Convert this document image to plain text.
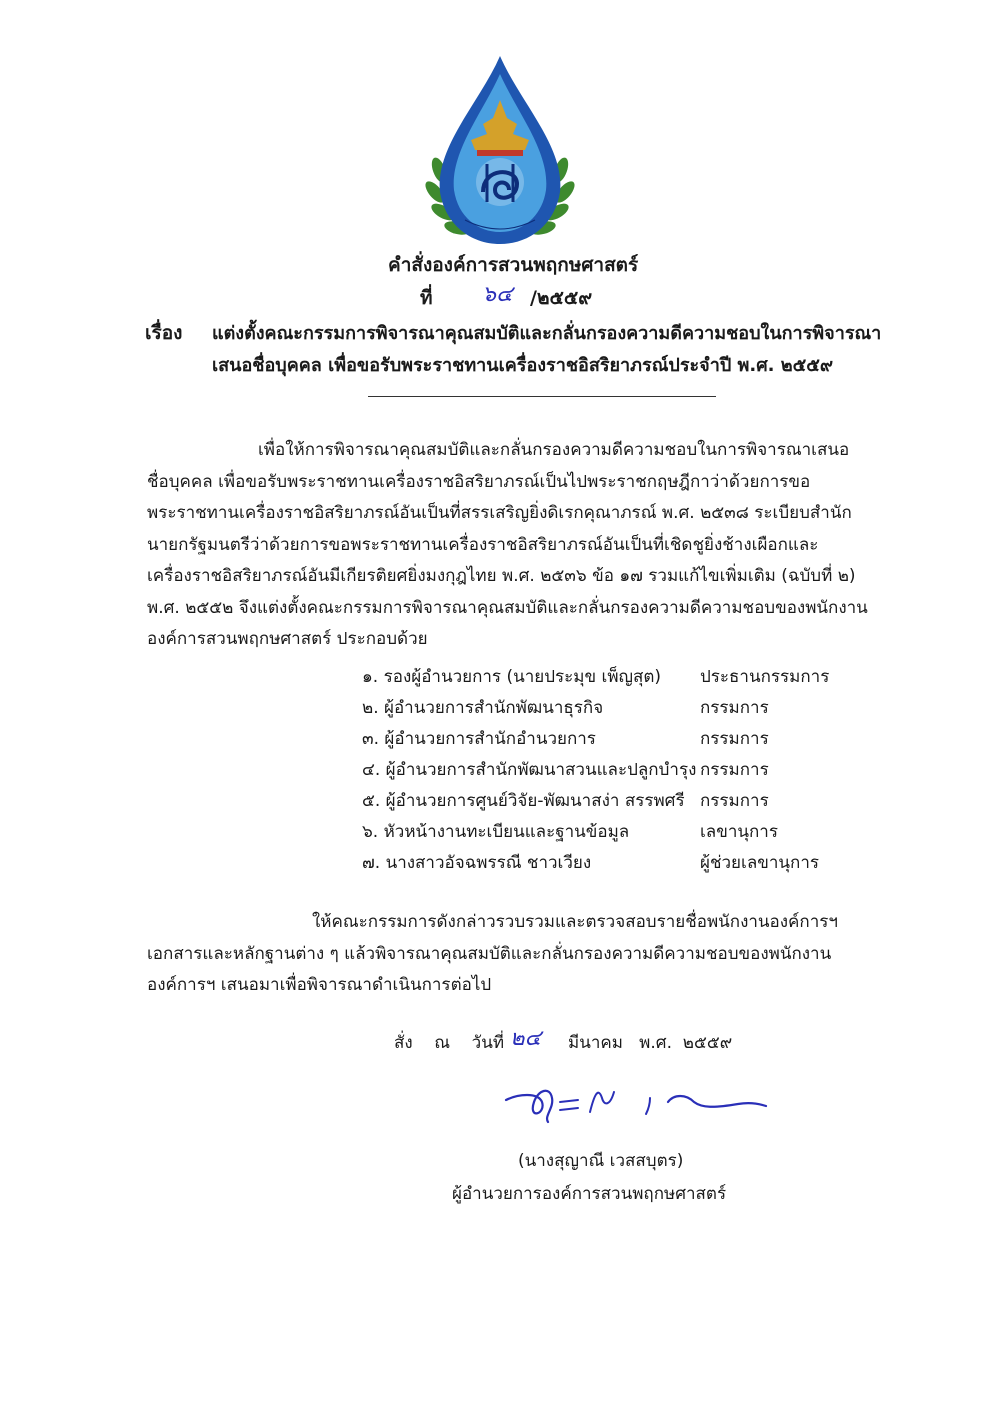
คำสั่งองค์การสวนพฤกษศาสตร์
ที่ ๖๔ /๒๕๕๙
เรื่อง แต่งตั้งคณะกรรมการพิจารณาคุณสมบัติและกลั่นกรองความดีความชอบในการพิจารณา
เสนอชื่อบุคคล เพื่อขอรับพระราชทานเครื่องราชอิสริยาภรณ์ประจำปี พ.ศ. ๒๕๕๙
เพื่อให้การพิจารณาคุณสมบัติและกลั่นกรองความดีความชอบในการพิจารณาเสนอ
ชื่อบุคคล เพื่อขอรับพระราชทานเครื่องราชอิสริยาภรณ์เป็นไปพระราชกฤษฎีกาว่าด้วยการขอ
พระราชทานเครื่องราชอิสริยาภรณ์อันเป็นที่สรรเสริญยิ่งดิเรกคุณาภรณ์ พ.ศ. ๒๕๓๘ ระเบียบสำนัก
นายกรัฐมนตรีว่าด้วยการขอพระราชทานเครื่องราชอิสริยาภรณ์อันเป็นที่เชิดชูยิ่งช้างเผือกและ
เครื่องราชอิสริยาภรณ์อันมีเกียรติยศยิ่งมงกุฎไทย พ.ศ. ๒๕๓๖ ข้อ ๑๗ รวมแก้ไขเพิ่มเติม (ฉบับที่ ๒)
พ.ศ. ๒๕๕๒ จึงแต่งตั้งคณะกรรมการพิจารณาคุณสมบัติและกลั่นกรองความดีความชอบของพนักงาน
องค์การสวนพฤกษศาสตร์ ประกอบด้วย
๑. รองผู้อำนวยการ (นายประมุข เพ็ญสุต) ประธานกรรมการ
๒. ผู้อำนวยการสำนักพัฒนาธุรกิจ	กรรมการ
๓. ผู้อำนวยการสำนักอำนวยการ	กรรมการ
๔. ผู้อำนวยการสำนักพัฒนาสวนและปลูกบำรุง กรรมการ
๕. ผู้อำนวยการศูนย์วิจัย-พัฒนาสง่า สรรพศรี กรรมการ
๖. หัวหน้างานทะเบียนและฐานข้อมูล	เลขานุการ
๗. นางสาวอัจฉพรรณี ชาวเวียง	ผู้ช่วยเลขานุการ
ให้คณะกรรมการดังกล่าวรวบรวมและตรวจสอบรายชื่อพนักงานองค์การฯ
เอกสารและหลักฐานต่าง ๆ แล้วพิจารณาคุณสมบัติและกลั่นกรองความดีความชอบของพนักงาน
องค์การฯ เสนอมาเพื่อพิจารณาดำเนินการต่อไป
สั่ง    ณ    วันที่ ๒๔ มีนาคม   พ.ศ.  ๒๕๕๙
(นางสุญาณี เวสสบุตร)
ผู้อำนวยการองค์การสวนพฤกษศาสตร์
